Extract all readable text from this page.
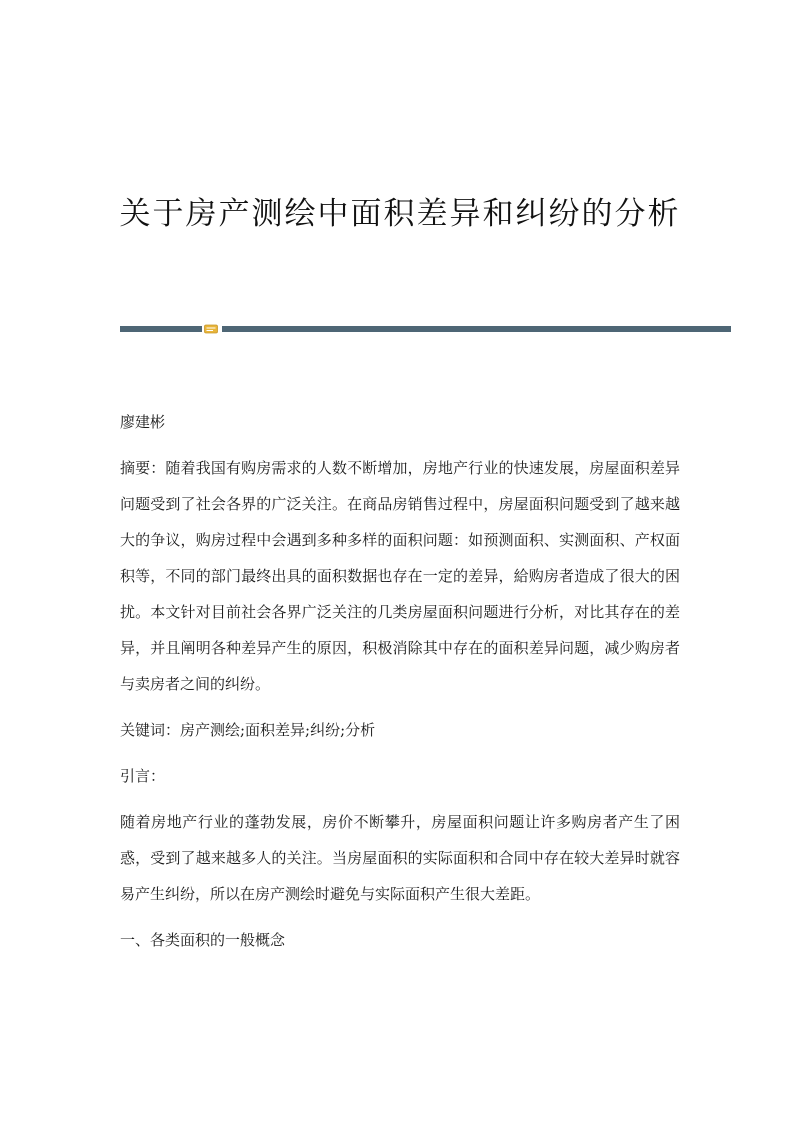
关于房产测绘中面积差异和纠纷的分析

廖建彬

摘要：随着我国有购房需求的人数不断增加，房地产行业的快速发展，房屋面积差异问题受到了社会各界的广泛关注。在商品房销售过程中，房屋面积问题受到了越来越大的争议，购房过程中会遇到多种多样的面积问题：如预测面积、实测面积、产权面积等，不同的部门最终出具的面积数据也存在一定的差异，給购房者造成了很大的困扰。本文针对目前社会各界广泛关注的几类房屋面积问题进行分析，对比其存在的差异，并且阐明各种差异产生的原因，积极消除其中存在的面积差异问题，减少购房者与卖房者之间的纠纷。

关键词：房产测绘;面积差异;纠纷;分析

引言：

随着房地产行业的蓬勃发展，房价不断攀升，房屋面积问题让许多购房者产生了困惑，受到了越来越多人的关注。当房屋面积的实际面积和合同中存在较大差异时就容易产生纠纷，所以在房产测绘时避免与实际面积产生很大差距。

一、各类面积的一般概念
